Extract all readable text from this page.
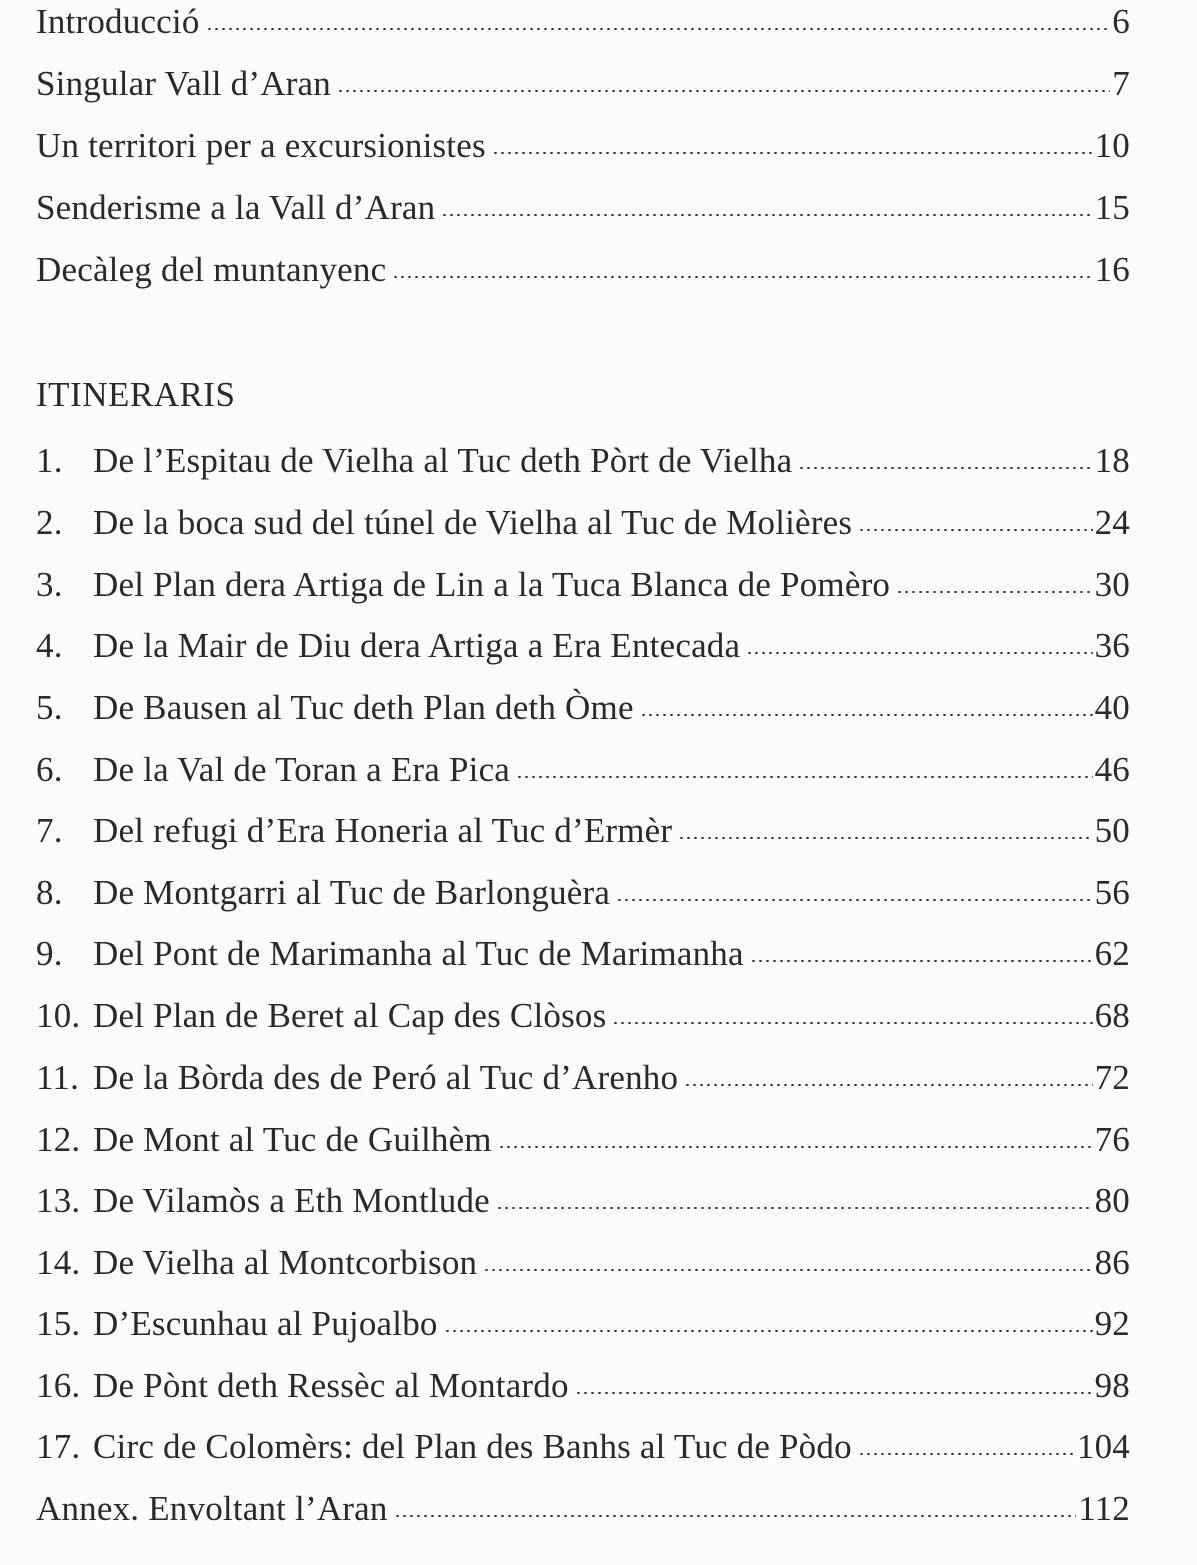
Introducció	6
Singular Vall d’Aran	7
Un territori per a excursionistes	10
Senderisme a la Vall d’Aran	15
Decàleg del muntanyenc	16
ITINERARIS
1. De l’Espitau de Vielha al Tuc deth Pòrt de Vielha	18
2. De la boca sud del túnel de Vielha al Tuc de Molières	24
3. Del Plan dera Artiga de Lin a la Tuca Blanca de Pomèro	30
4. De la Mair de Diu dera Artiga a Era Entecada	36
5. De Bausen al Tuc deth Plan deth Òme	40
6. De la Val de Toran a Era Pica	46
7. Del refugi d’Era Honeria al Tuc d’Ermèr	50
8. De Montgarri al Tuc de Barlonguèra	56
9. Del Pont de Marimanha al Tuc de Marimanha	62
10. Del Plan de Beret al Cap des Clòsos	68
11. De la Bòrda des de Peró al Tuc d’Arenho	72
12. De Mont al Tuc de Guilhèm	76
13. De Vilamòs a Eth Montlude	80
14. De Vielha al Montcorbison	86
15. D’Escunhau al Pujoalbo	92
16. De Pònt deth Ressèc al Montardo	98
17. Circ de Colomèrs: del Plan des Banhs al Tuc de Pòdo	104
Annex. Envoltant l’Aran	112
